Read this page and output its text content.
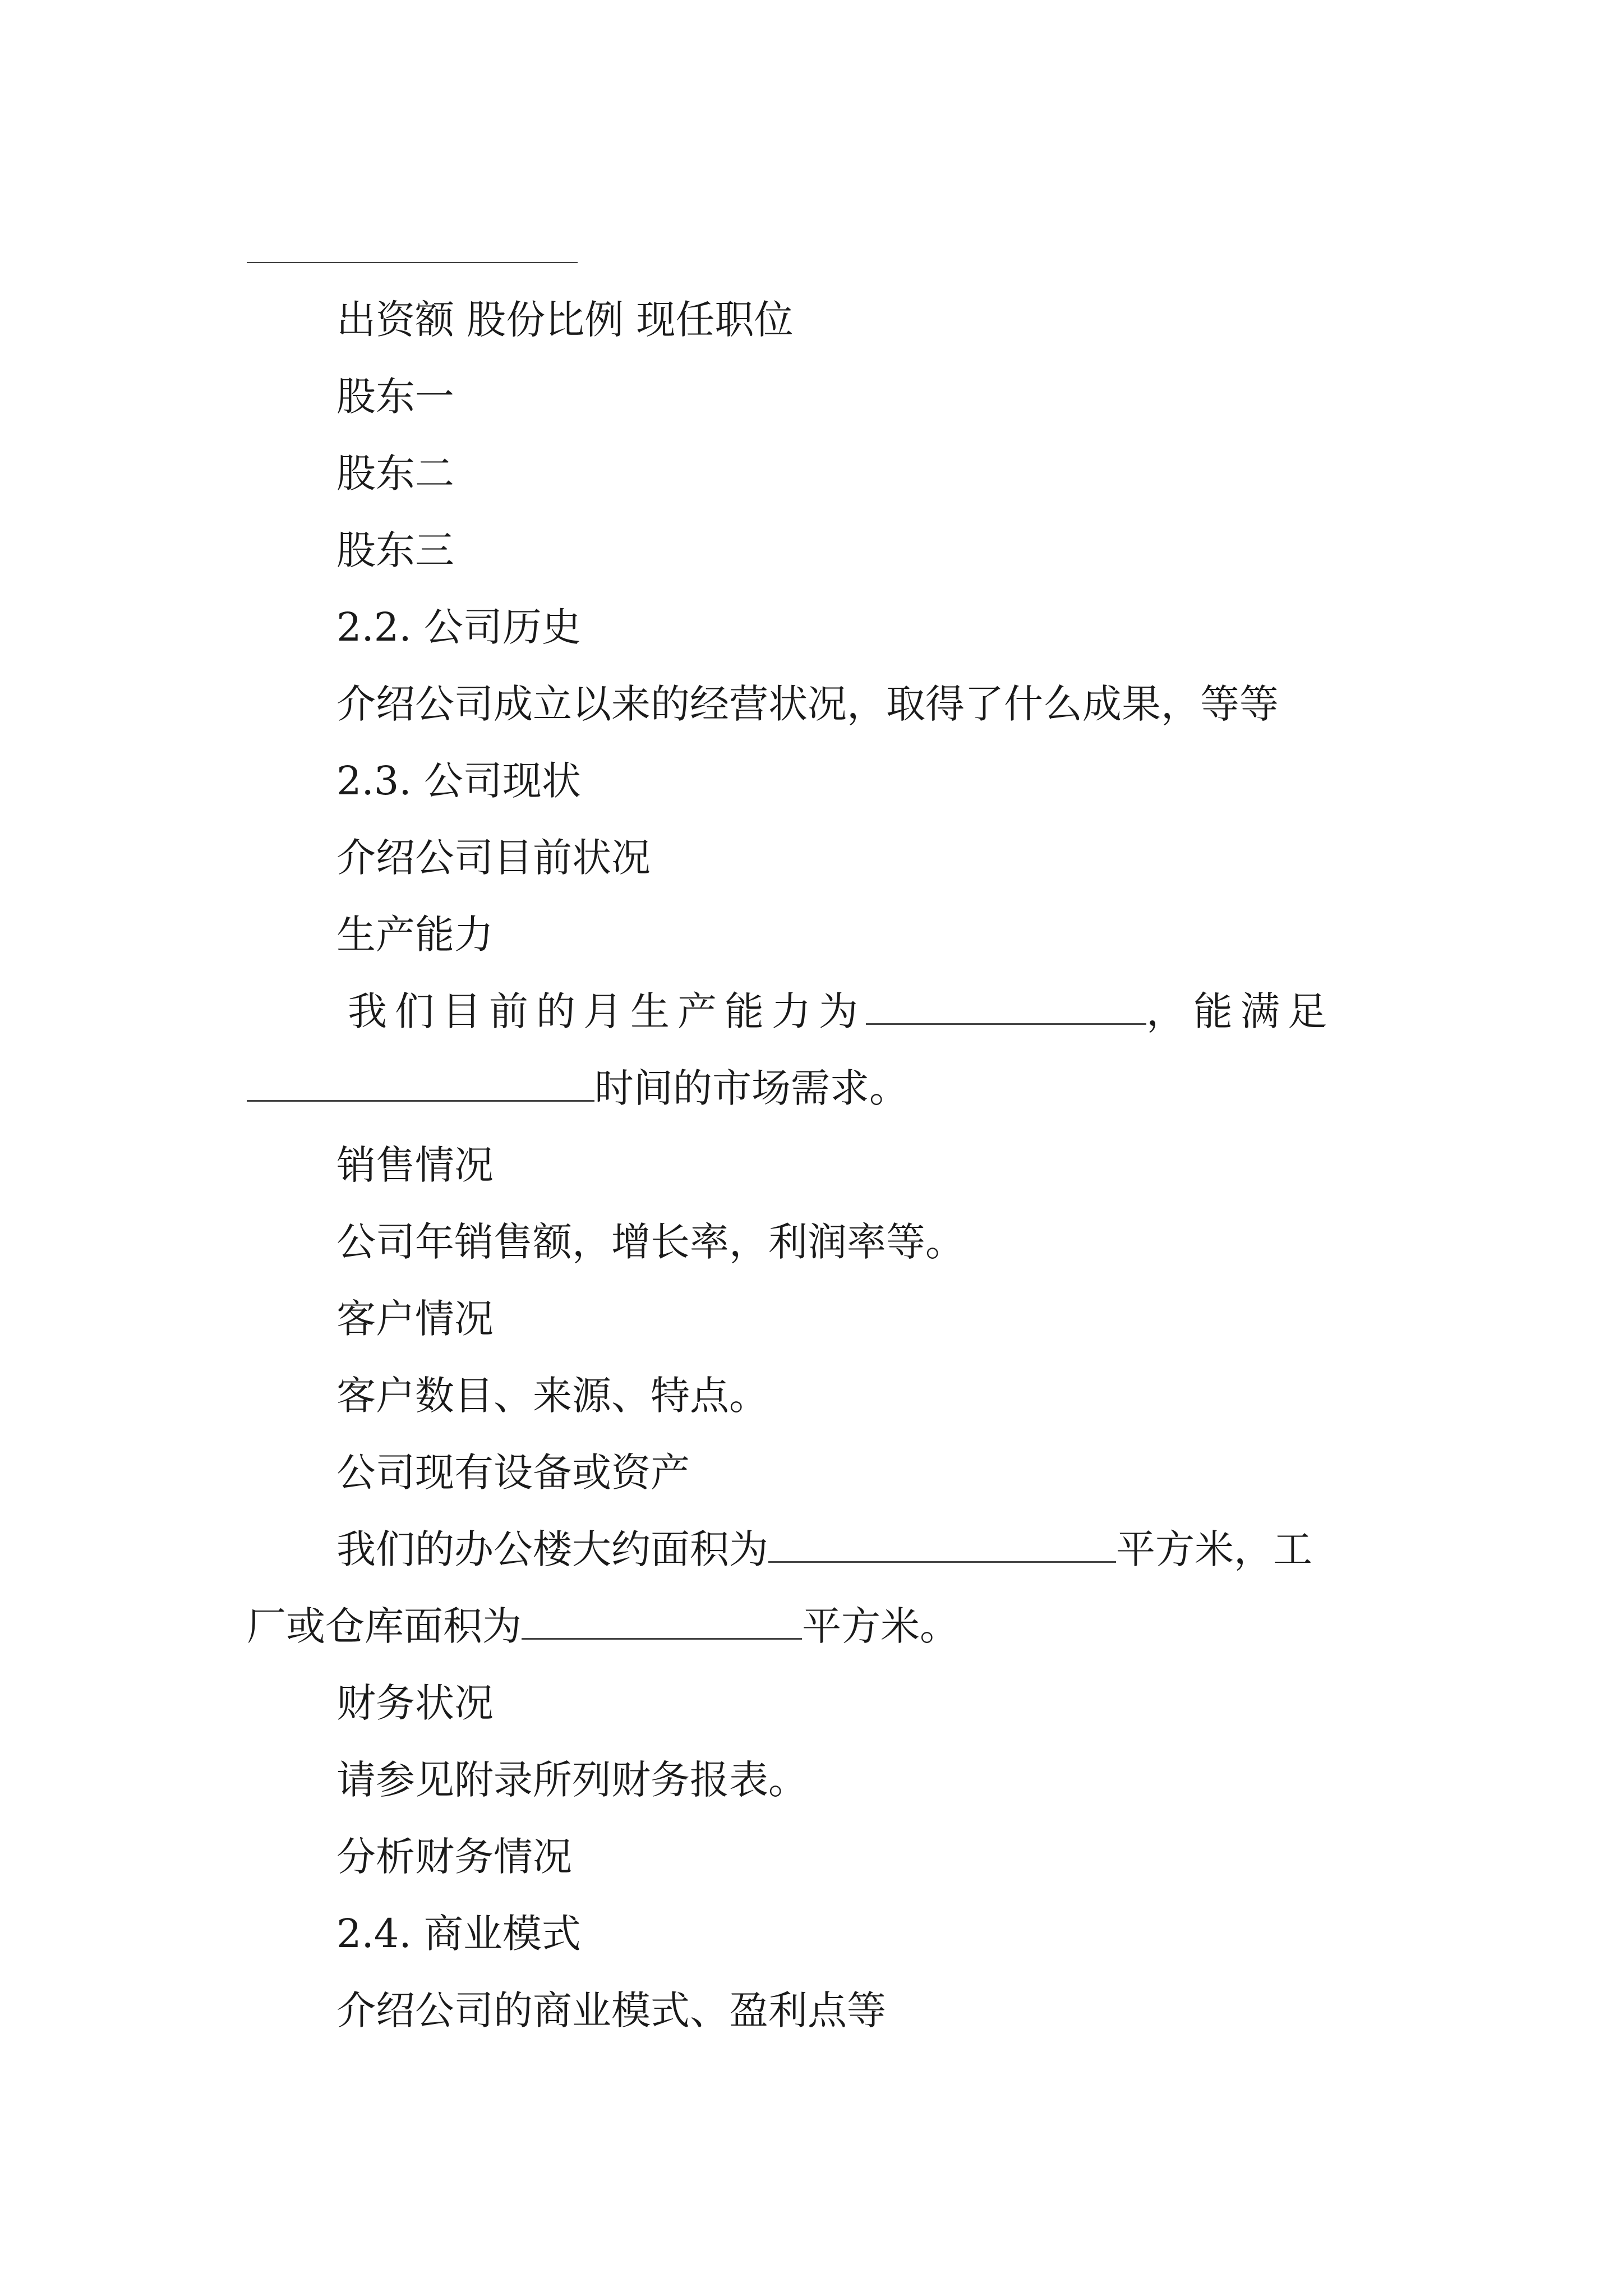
出资额 股份比例 现任职位
股东一
股东二
股东三
2.2. 公司历史
介绍公司成立以来的经营状况，取得了什么成果，等等
2.3. 公司现状
介绍公司目前状况
生产能力
我们目前的月生产能力为	，能满足
时间的市场需求。
销售情况
公司年销售额，增长率，利润率等。
客户情况
客户数目、来源、特点。
公司现有设备或资产
我们的办公楼大约面积为	平方米，工
厂或仓库面积为	平方米。
财务状况
请参见附录所列财务报表。
分析财务情况
2.4. 商业模式
介绍公司的商业模式、盈利点等
